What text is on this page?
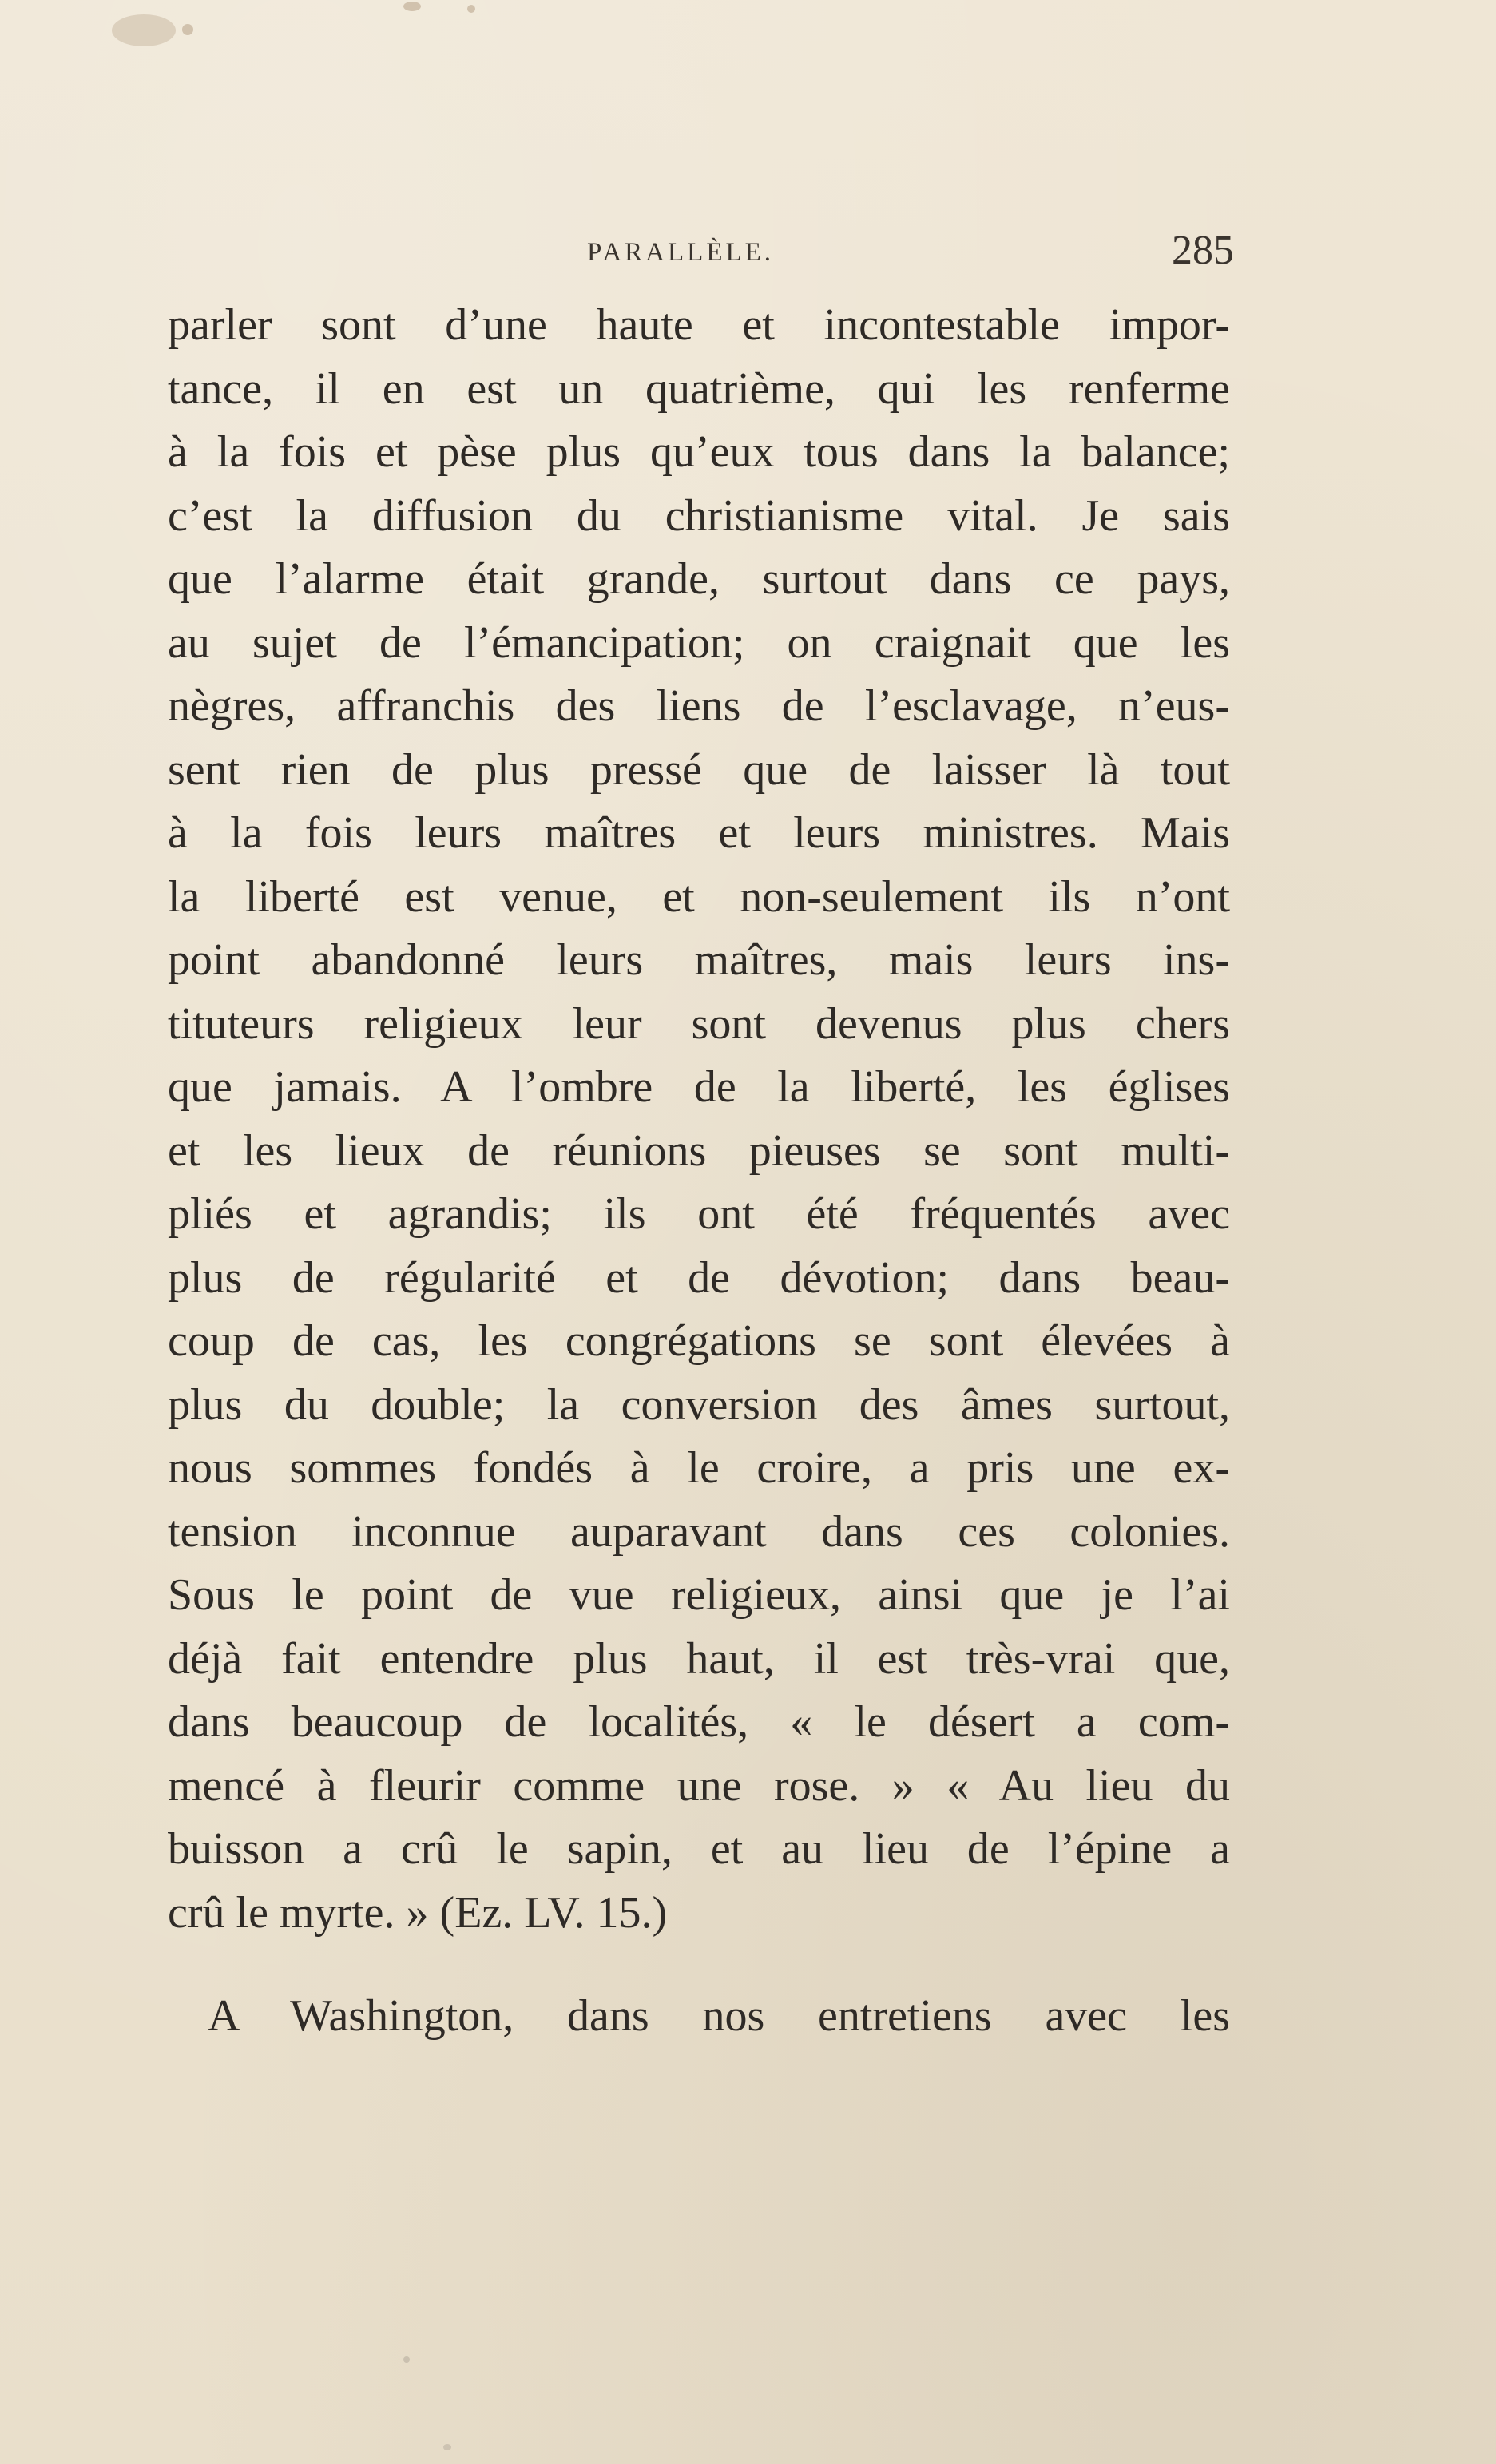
PARALLÈLE.	285
parler sont d’une haute et incontestable impor-
tance, il en est un quatrième, qui les renferme
à la fois et pèse plus qu’eux tous dans la balance;
c’est la diffusion du christianisme vital. Je sais
que l’alarme était grande, surtout dans ce pays,
au sujet de l’émancipation; on craignait que les
nègres, affranchis des liens de l’esclavage, n’eus-
sent rien de plus pressé que de laisser là tout
à la fois leurs maîtres et leurs ministres. Mais
la liberté est venue, et non-seulement ils n’ont
point abandonné leurs maîtres, mais leurs ins-
tituteurs religieux leur sont devenus plus chers
que jamais. A l’ombre de la liberté, les églises
et les lieux de réunions pieuses se sont multi-
pliés et agrandis; ils ont été fréquentés avec
plus de régularité et de dévotion; dans beau-
coup de cas, les congrégations se sont élevées à
plus du double; la conversion des âmes surtout,
nous sommes fondés à le croire, a pris une ex-
tension inconnue auparavant dans ces colonies.
Sous le point de vue religieux, ainsi que je l’ai
déjà fait entendre plus haut, il est très-vrai que,
dans beaucoup de localités, « le désert a com-
mencé à fleurir comme une rose. » « Au lieu du
buisson a crû le sapin, et au lieu de l’épine a
crû le myrte. » (Ez. LV. 15.)
A Washington, dans nos entretiens avec les
